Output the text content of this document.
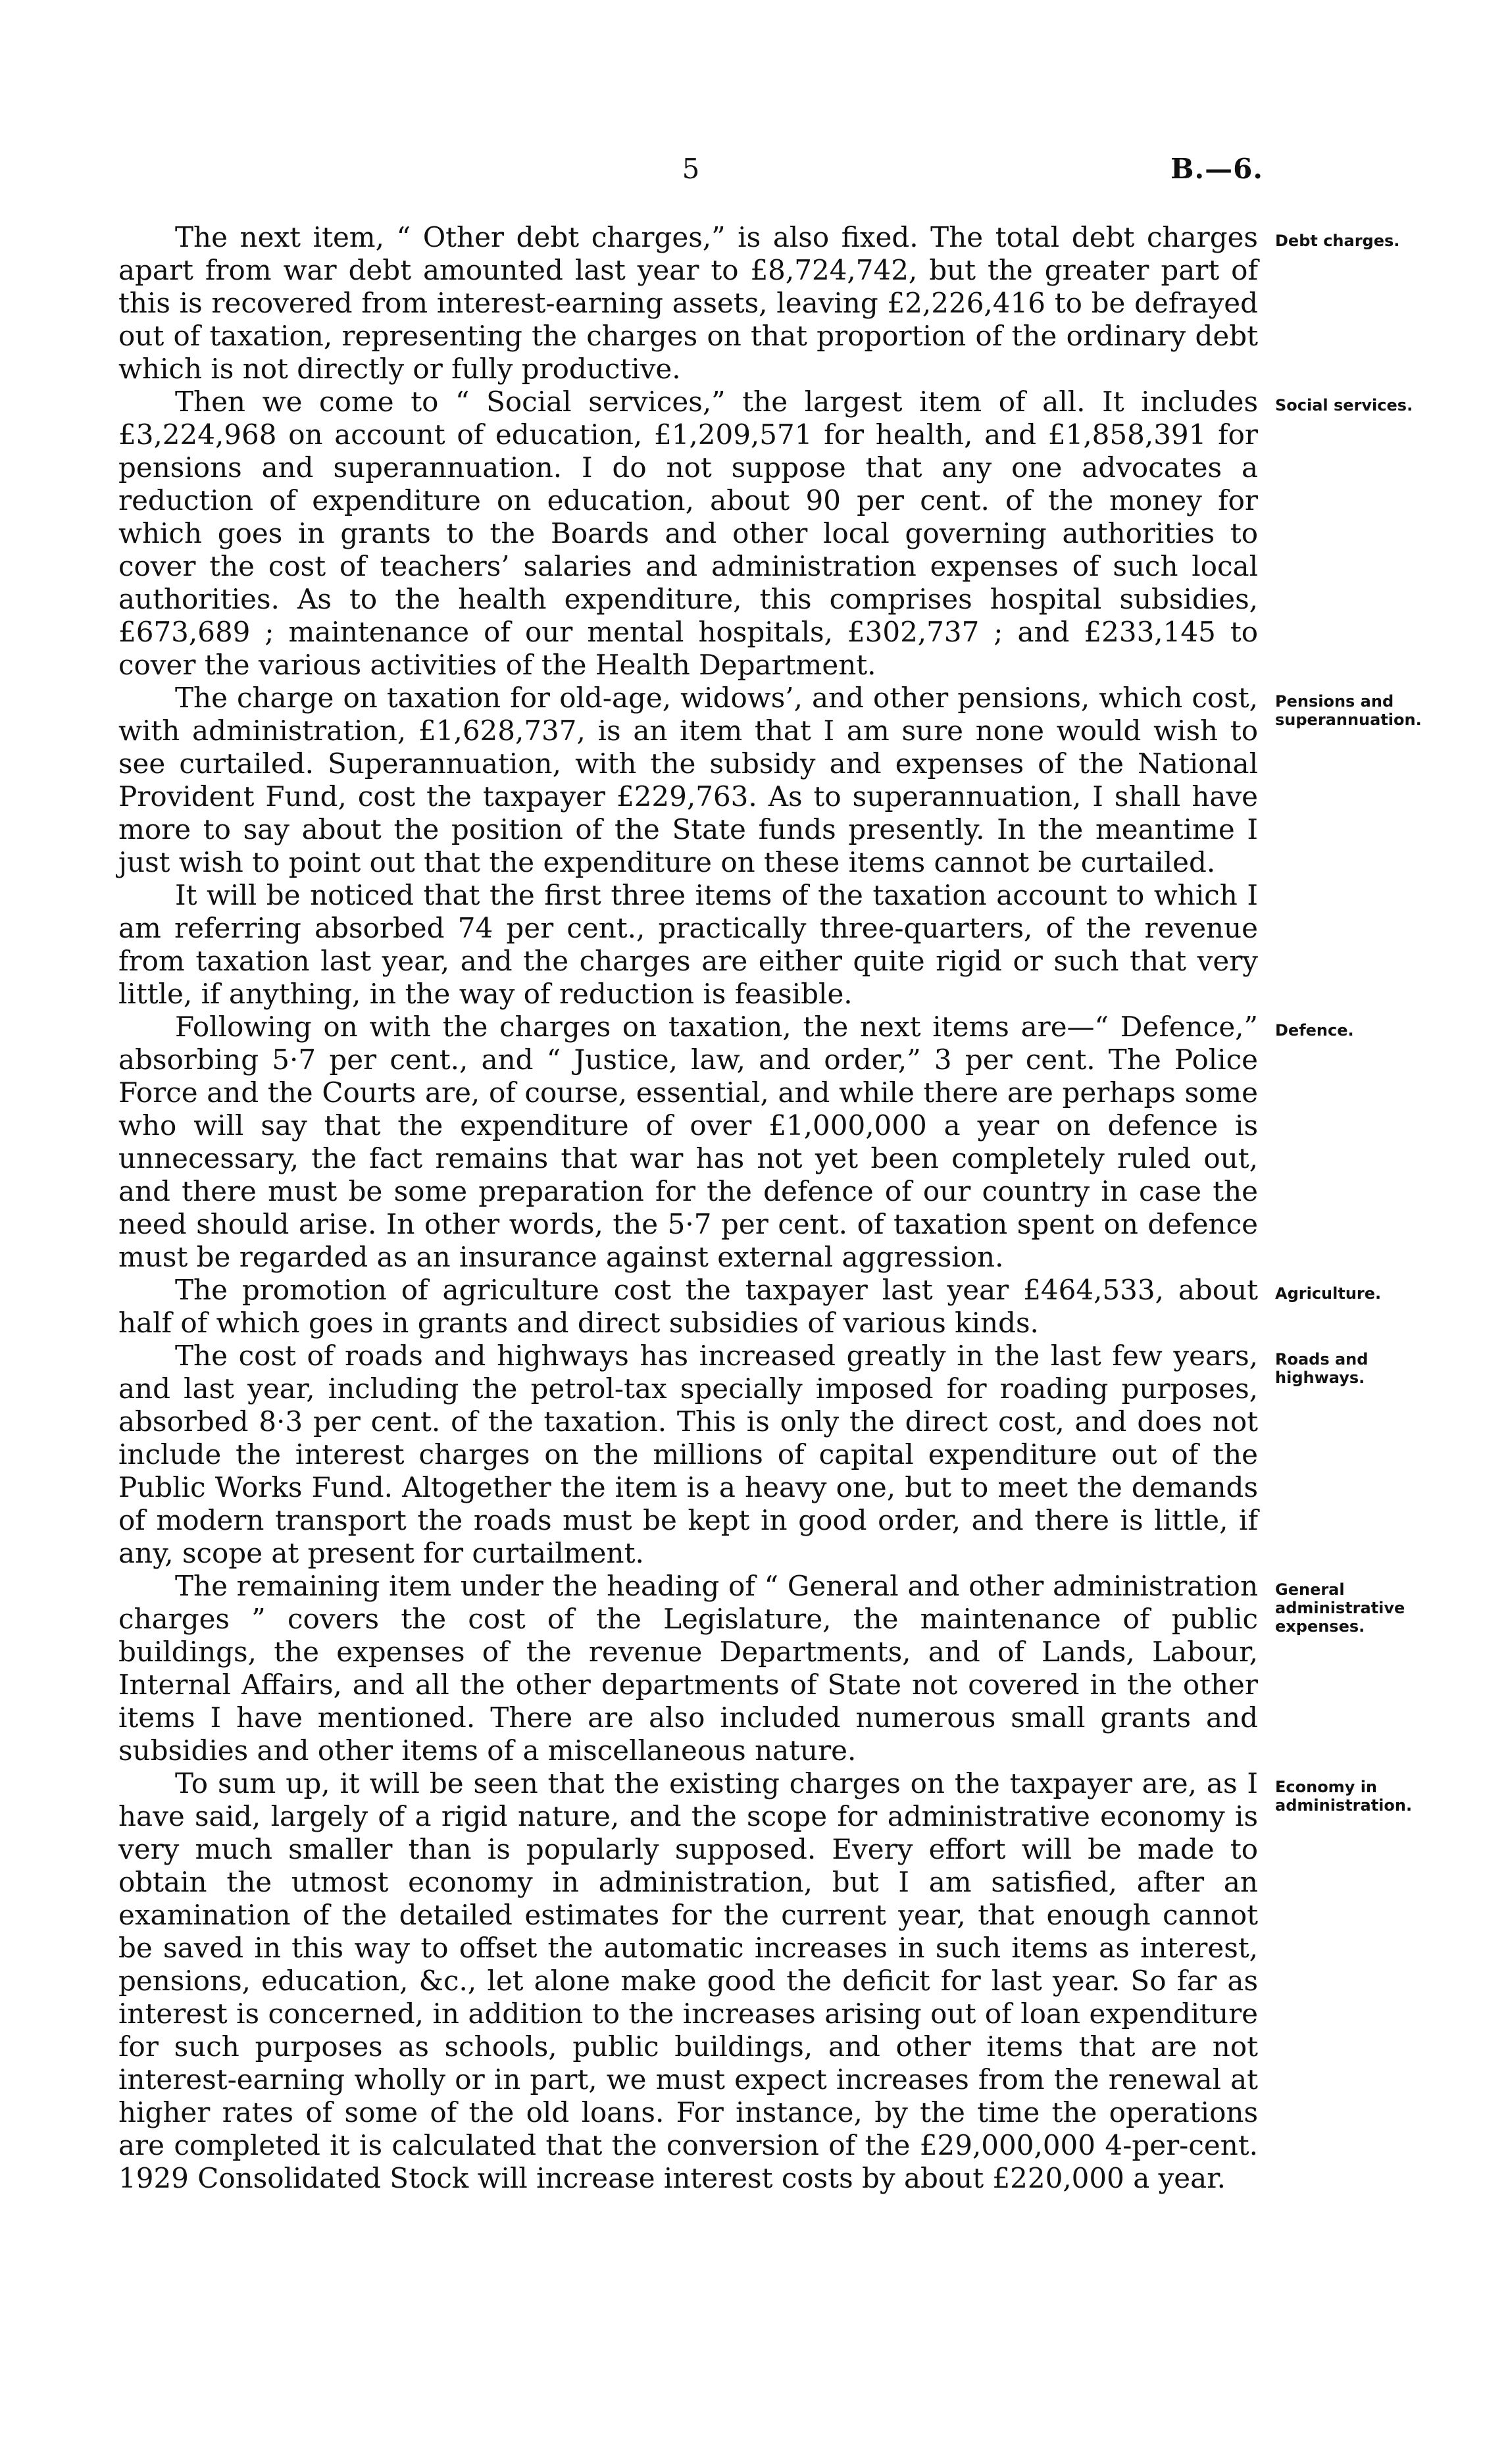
5	B.—6.

The next item, “ Other debt charges,” is also fixed. The total debt charges apart from war debt amounted last year to £8,724,742, but the greater part of this is recovered from interest-earning assets, leaving £2,226,416 to be defrayed out of taxation, representing the charges on that proportion of the ordinary debt which is not directly or fully productive.

Then we come to “ Social services,” the largest item of all. It includes £3,224,968 on account of education, £1,209,571 for health, and £1,858,391 for pensions and superannuation. I do not suppose that any one advocates a reduction of expenditure on education, about 90 per cent. of the money for which goes in grants to the Boards and other local governing authorities to cover the cost of teachers’ salaries and administration expenses of such local authorities. As to the health expenditure, this comprises hospital subsidies, £673,689 ; maintenance of our mental hospitals, £302,737 ; and £233,145 to cover the various activities of the Health Department.

The charge on taxation for old-age, widows’, and other pensions, which cost, with administration, £1,628,737, is an item that I am sure none would wish to see curtailed. Superannuation, with the subsidy and expenses of the National Provident Fund, cost the taxpayer £229,763. As to superannuation, I shall have more to say about the position of the State funds presently. In the meantime I just wish to point out that the expenditure on these items cannot be curtailed.

It will be noticed that the first three items of the taxation account to which I am referring absorbed 74 per cent., practically three-quarters, of the revenue from taxation last year, and the charges are either quite rigid or such that very little, if anything, in the way of reduction is feasible.

Following on with the charges on taxation, the next items are—“ Defence,” absorbing 5·7 per cent., and “ Justice, law, and order,” 3 per cent. The Police Force and the Courts are, of course, essential, and while there are perhaps some who will say that the expenditure of over £1,000,000 a year on defence is unnecessary, the fact remains that war has not yet been completely ruled out, and there must be some preparation for the defence of our country in case the need should arise. In other words, the 5·7 per cent. of taxation spent on defence must be regarded as an insurance against external aggression.

The promotion of agriculture cost the taxpayer last year £464,533, about half of which goes in grants and direct subsidies of various kinds.

The cost of roads and highways has increased greatly in the last few years, and last year, including the petrol-tax specially imposed for roading purposes, absorbed 8·3 per cent. of the taxation. This is only the direct cost, and does not include the interest charges on the millions of capital expenditure out of the Public Works Fund. Altogether the item is a heavy one, but to meet the demands of modern transport the roads must be kept in good order, and there is little, if any, scope at present for curtailment.

The remaining item under the heading of “ General and other administration charges ” covers the cost of the Legislature, the maintenance of public buildings, the expenses of the revenue Departments, and of Lands, Labour, Internal Affairs, and all the other departments of State not covered in the other items I have mentioned. There are also included numerous small grants and subsidies and other items of a miscellaneous nature.

To sum up, it will be seen that the existing charges on the taxpayer are, as I have said, largely of a rigid nature, and the scope for administrative economy is very much smaller than is popularly supposed. Every effort will be made to obtain the utmost economy in administration, but I am satisfied, after an examination of the detailed estimates for the current year, that enough cannot be saved in this way to offset the automatic increases in such items as interest, pensions, education, &c., let alone make good the deficit for last year. So far as interest is concerned, in addition to the increases arising out of loan expenditure for such purposes as schools, public buildings, and other items that are not interest-earning wholly or in part, we must expect increases from the renewal at higher rates of some of the old loans. For instance, by the time the operations are completed it is calculated that the conversion of the £29,000,000 4-per-cent. 1929 Consolidated Stock will increase interest costs by about £220,000 a year.

Debt charges.
Social services.
Pensions and superannuation.
Defence.
Agriculture.
Roads and highways.
General administrative expenses.
Economy in administration.
